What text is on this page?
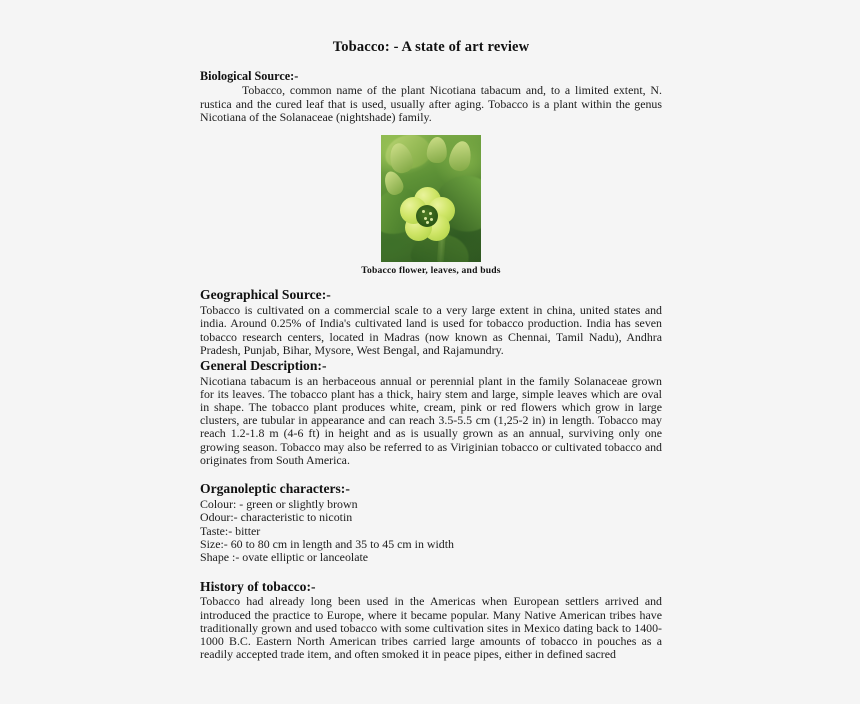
Tobacco: - A state of art review
Biological Source:-

Tobacco, common name of the plant Nicotiana tabacum and, to a limited extent, N. rustica and the cured leaf that is used, usually after aging. Tobacco is a plant within the genus Nicotiana of the Solanaceae (nightshade) family.

Tobacco flower, leaves, and buds
Geographical Source:-

Tobacco is cultivated on a commercial scale to a very large extent in china, united states and india. Around 0.25% of India's cultivated land is used for tobacco production. India has seven tobacco research centers, located in Madras (now known as Chennai, Tamil Nadu), Andhra Pradesh, Punjab, Bihar, Mysore, West Bengal, and Rajamundry.

General Description:-

Nicotiana tabacum is an herbaceous annual or perennial plant in the family Solanaceae grown for its leaves. The tobacco plant has a thick, hairy stem and large, simple leaves which are oval in shape. The tobacco plant produces white, cream, pink or red flowers which grow in large clusters, are tubular in appearance and can reach 3.5-5.5 cm (1,25-2 in) in length. Tobacco may reach 1.2-1.8 m (4-6 ft) in height and as is usually grown as an annual, surviving only one growing season. Tobacco may also be referred to as Viriginian tobacco or cultivated tobacco and originates from South America.

Organoleptic characters:-
Colour: - green or slightly brown
Odour:- characteristic to nicotin
Taste:- bitter
Size:- 60 to 80 cm in length and 35 to 45 cm in width
Shape :- ovate elliptic or lanceolate
History of tobacco:-

Tobacco had already long been used in the Americas when European settlers arrived and introduced the practice to Europe, where it became popular. Many Native American tribes have traditionally grown and used tobacco with some cultivation sites in Mexico dating back to 1400-1000 B.C. Eastern North American tribes carried large amounts of tobacco in pouches as a readily accepted trade item, and often smoked it in peace pipes, either in defined sacred
